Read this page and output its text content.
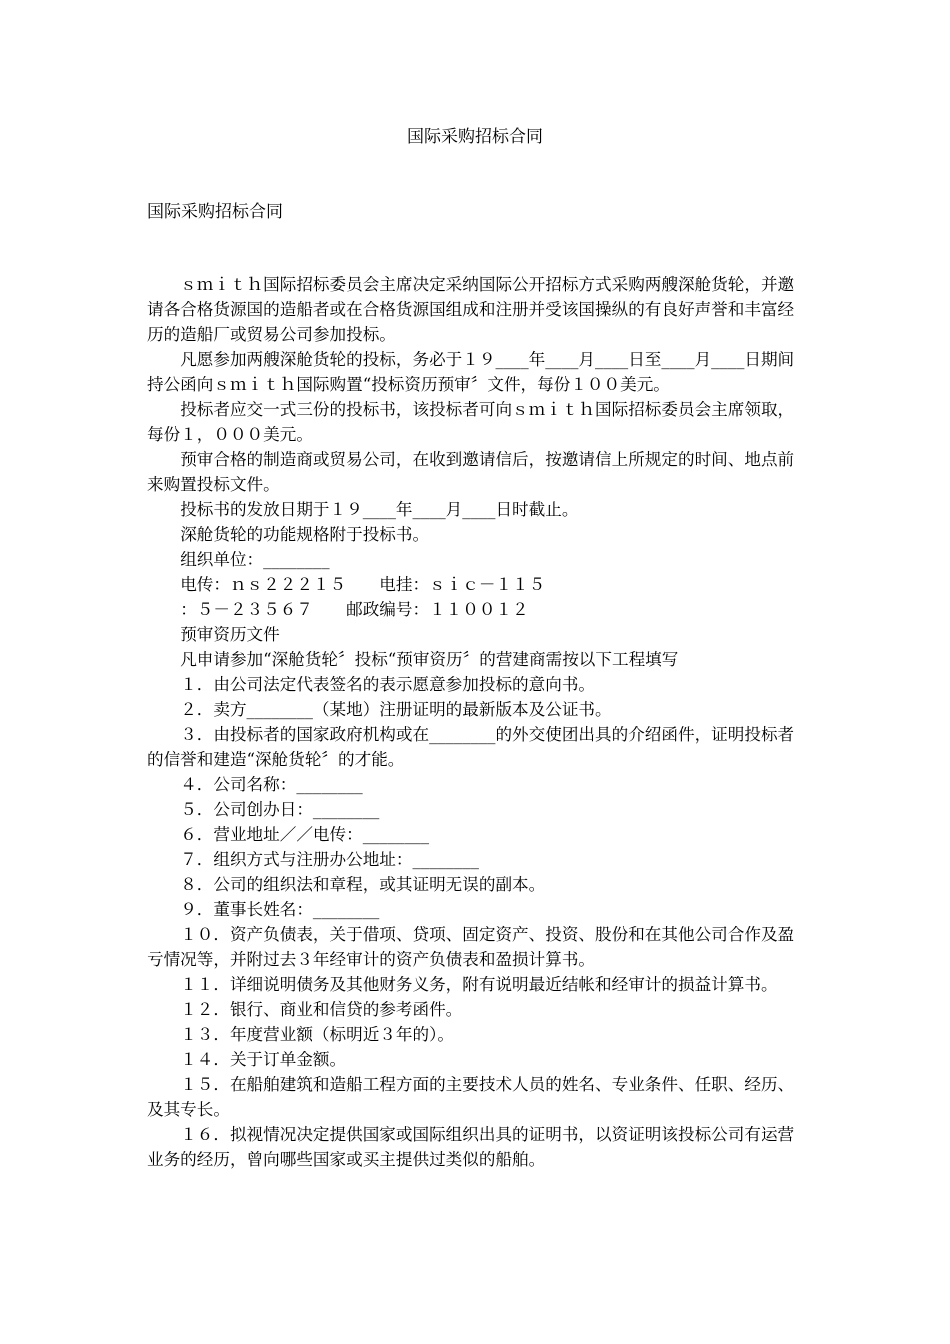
国际采购招标合同
国际采购招标合同

ｓｍｉｔｈ国际招标委员会主席决定采纳国际公开招标方式采购两艘深舱货轮，并邀请各合格货源国的造船者或在合格货源国组成和注册并受该国操纵的有良好声誉和丰富经历的造船厂或贸易公司参加投标。

凡愿参加两艘深舱货轮的投标，务必于１９____年____月____日至____月____日期间持公函向ｓｍｉｔｈ国际购置“投标资历预审〞文件，每份１００美元。

投标者应交一式三份的投标书，该投标者可向ｓｍｉｔｈ国际招标委员会主席领取，每份１，０００美元。

预审合格的制造商或贸易公司，在收到邀请信后，按邀请信上所规定的时间、地点前来购置投标文件。

投标书的发放日期于１９____年____月____日时截止。

深舱货轮的功能规格附于投标书。

组织单位：________

电传：ｎｓ２２２１５　　电挂：ｓｉｃ－１１５

：５－２３５６７　　邮政编号：１１００１２

预审资历文件

凡申请参加“深舱货轮〞投标“预审资历〞的营建商需按以下工程填写

１．由公司法定代表签名的表示愿意参加投标的意向书。

２．卖方________（某地）注册证明的最新版本及公证书。

３．由投标者的国家政府机构或在________的外交使团出具的介绍函件，证明投标者的信誉和建造“深舱货轮〞的才能。

４．公司名称：________

５．公司创办日：________

６．营业地址／／电传：________

７．组织方式与注册办公地址：________

８．公司的组织法和章程，或其证明无误的副本。

９．董事长姓名：________

１０．资产负债表，关于借项、贷项、固定资产、投资、股份和在其他公司合作及盈亏情况等，并附过去３年经审计的资产负债表和盈损计算书。

１１．详细说明债务及其他财务义务，附有说明最近结帐和经审计的损益计算书。

１２．银行、商业和信贷的参考函件。

１３．年度营业额（标明近３年的）。

１４．关于订单金额。

１５．在船舶建筑和造船工程方面的主要技术人员的姓名、专业条件、任职、经历、及其专长。

１６．拟视情况决定提供国家或国际组织出具的证明书，以资证明该投标公司有运营业务的经历，曾向哪些国家或买主提供过类似的船舶。
